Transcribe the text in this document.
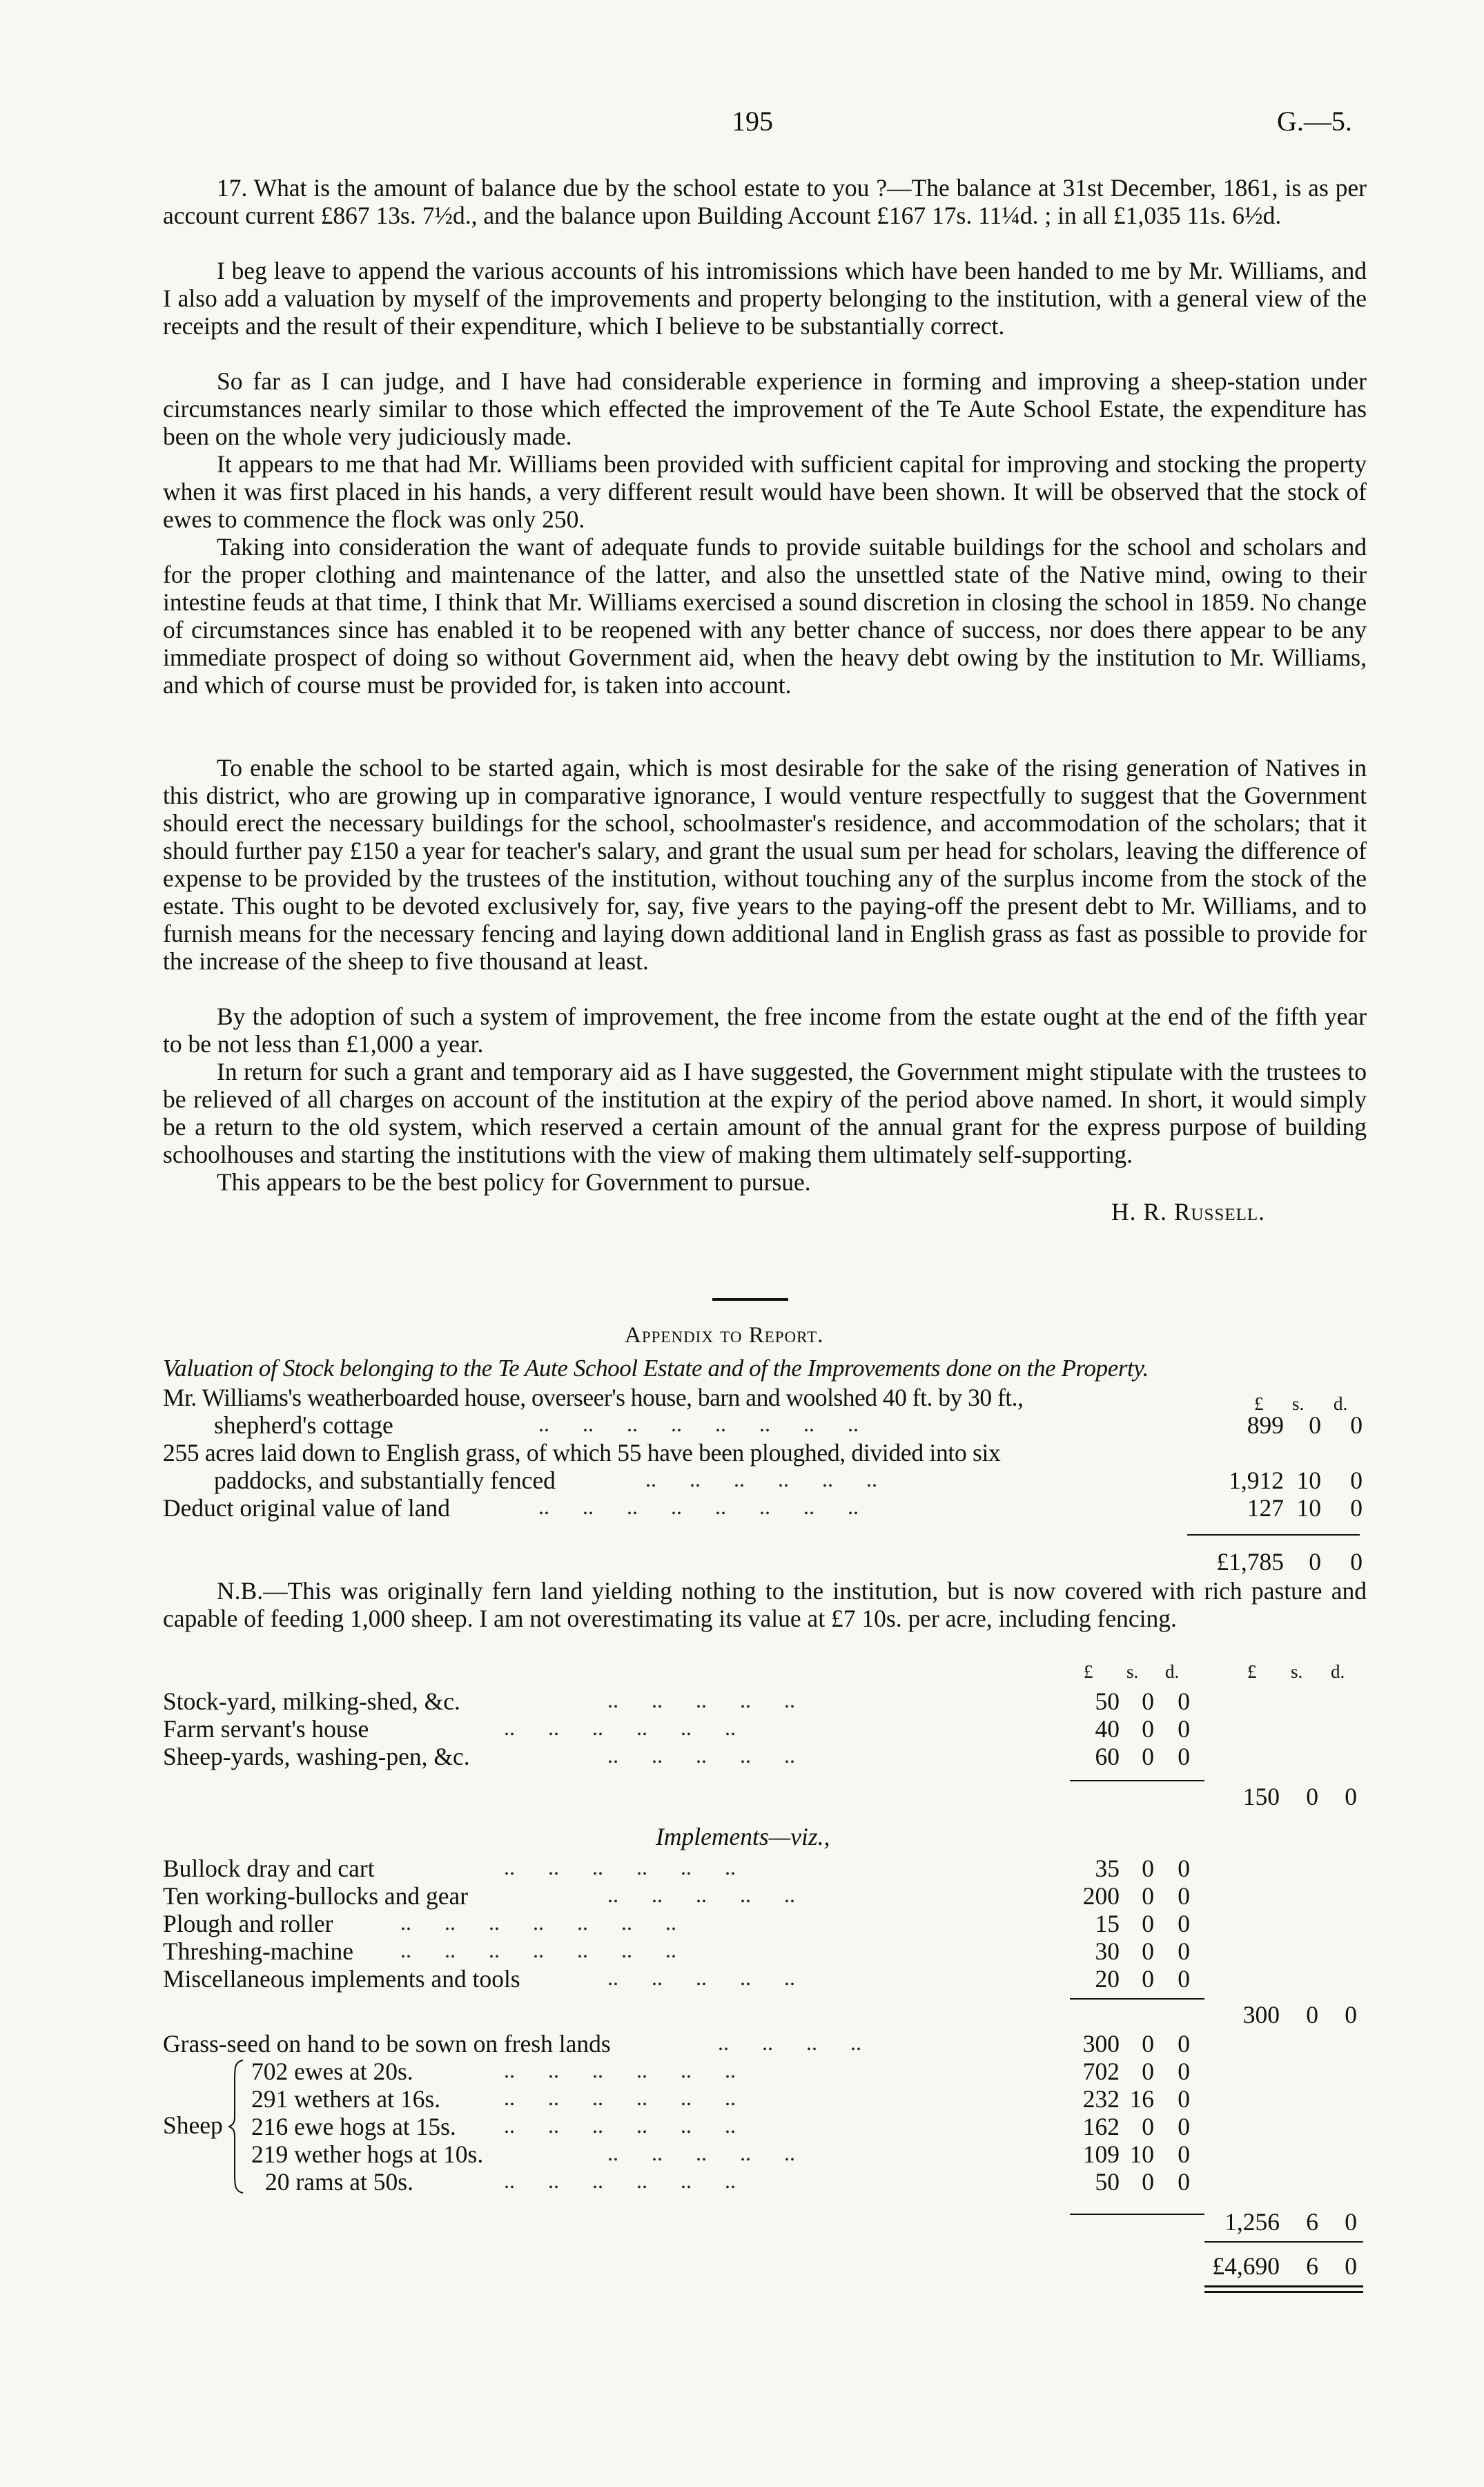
195	G.—5.
17. What is the amount of balance due by the school estate to you ?—The balance at 31st December, 1861, is as per account current £867 13s. 7½d., and the balance upon Building Account £167 17s. 11¼d. ; in all £1,035 11s. 6½d.
I beg leave to append the various accounts of his intromissions which have been handed to me by Mr. Williams, and I also add a valuation by myself of the improvements and property belonging to the institution, with a general view of the receipts and the result of their expenditure, which I believe to be substantially correct.
So far as I can judge, and I have had considerable experience in forming and improving a sheep-station under circumstances nearly similar to those which effected the improvement of the Te Aute School Estate, the expenditure has been on the whole very judiciously made.
It appears to me that had Mr. Williams been provided with sufficient capital for improving and stocking the property when it was first placed in his hands, a very different result would have been shown. It will be observed that the stock of ewes to commence the flock was only 250.
Taking into consideration the want of adequate funds to provide suitable buildings for the school and scholars and for the proper clothing and maintenance of the latter, and also the unsettled state of the Native mind, owing to their intestine feuds at that time, I think that Mr. Williams exercised a sound discretion in closing the school in 1859. No change of circumstances since has enabled it to be reopened with any better chance of success, nor does there appear to be any immediate prospect of doing so without Government aid, when the heavy debt owing by the institution to Mr. Williams, and which of course must be provided for, is taken into account.
To enable the school to be started again, which is most desirable for the sake of the rising generation of Natives in this district, who are growing up in comparative ignorance, I would venture respectfully to suggest that the Government should erect the necessary buildings for the school, schoolmaster's residence, and accommodation of the scholars; that it should further pay £150 a year for teacher's salary, and grant the usual sum per head for scholars, leaving the difference of expense to be provided by the trustees of the institution, without touching any of the surplus income from the stock of the estate. This ought to be devoted exclusively for, say, five years to the paying-off the present debt to Mr. Williams, and to furnish means for the necessary fencing and laying down additional land in English grass as fast as possible to provide for the increase of the sheep to five thousand at least.
By the adoption of such a system of improvement, the free income from the estate ought at the end of the fifth year to be not less than £1,000 a year.
In return for such a grant and temporary aid as I have suggested, the Government might stipulate with the trustees to be relieved of all charges on account of the institution at the expiry of the period above named. In short, it would simply be a return to the old system, which reserved a certain amount of the annual grant for the express purpose of building schoolhouses and starting the institutions with the view of making them ultimately self-supporting.
This appears to be the best policy for Government to pursue.
H. R. Russell.
Appendix to Report.
Valuation of Stock belonging to the Te Aute School Estate and of the Improvements done on the Property.
Mr. Williams's weatherboarded house, overseer's house, barn and woolshed 40 ft. by 30 ft.,	£ s. d.
shepherd's cottage	..      ..      ..      ..      ..      ..      ..      ..	899 0 0
255 acres laid down to English grass, of which 55 have been ploughed, divided into six
paddocks, and substantially fenced	..      ..      ..      ..      ..      ..	1,912 10 0
Deduct original value of land	..      ..      ..      ..      ..      ..      ..      ..	127 10 0
£1,785 0 0
N.B.—This was originally fern land yielding nothing to the institution, but is now covered with rich pasture and capable of feeding 1,000 sheep. I am not overestimating its value at £7 10s. per acre, including fencing.
£ s. d.	£ s. d.
Stock-yard, milking-shed, &c.	..      ..      ..      ..      ..	50 0 0
Farm servant's house	..      ..      ..      ..      ..      ..	40 0 0
Sheep-yards, washing-pen, &c.	..      ..      ..      ..      ..	60 0 0
150 0 0
Implements—viz.,
Bullock dray and cart	..      ..      ..      ..      ..      ..	35 0 0
Ten working-bullocks and gear	..      ..      ..      ..      ..	200 0 0
Plough and roller	..      ..      ..      ..      ..      ..      ..	15 0 0
Threshing-machine ..      ..      ..      ..      ..      ..      ..	30 0 0
Miscellaneous implements and tools	..      ..      ..      ..      ..	20 0 0
300 0 0
Grass-seed on hand to be sown on fresh lands	..      ..      ..      ..	300 0 0
Sheep
702 ewes at 20s.	..      ..      ..      ..      ..      ..	702 0 0
291 wethers at 16s.	..      ..      ..      ..      ..      ..	232 16 0
216 ewe hogs at 15s. ..      ..      ..      ..      ..      ..	162 0 0
219 wether hogs at 10s.	..      ..      ..      ..      ..	109 10 0
20 rams at 50s.	..      ..      ..      ..      ..      ..	50 0 0
1,256 6 0
£4,690 6 0
